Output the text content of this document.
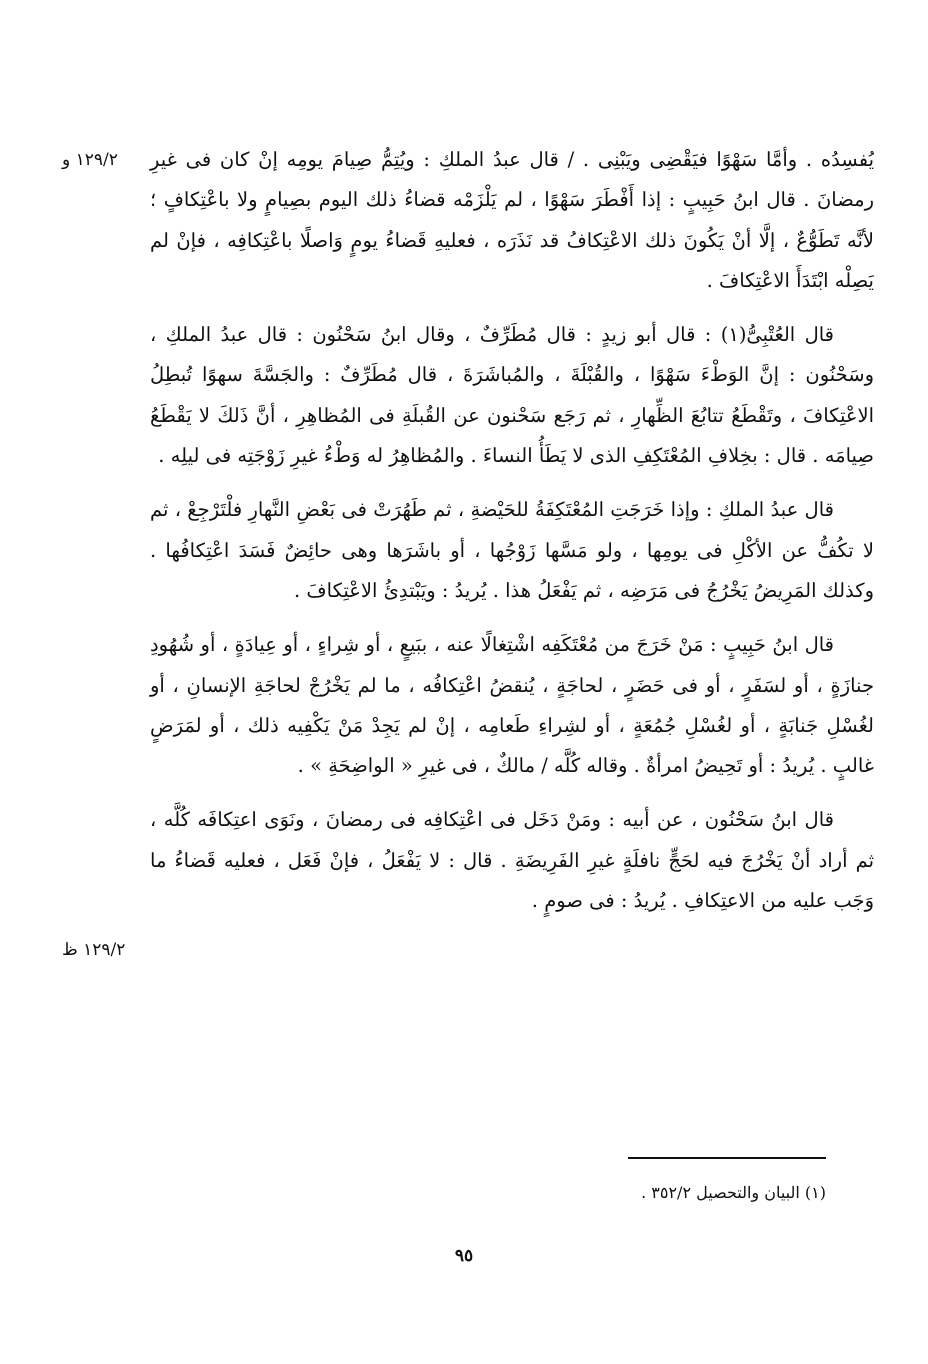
١٢٩/٢ و
١٢٩/٢ ظ

يُفسِدُه . وأمَّا سَهْوًا فيَقْضِى ويَبْنِى . / قال عبدُ الملكِ : ويُتِمُّ صِيامَ يومِه إنْ كان فى غيرِ رمضانَ . قال ابنُ حَبِيبٍ : إذا أَفْطَرَ سَهْوًا ، لم يَلْزَمْه قضاءُ ذلك اليوم بصِيامٍ ولا باعْتِكافٍ ؛ لأنَّه تَطَوُّعٌ ، إلَّا أنْ يَكُونَ ذلك الاعْتِكافُ قد نَذَرَه ، فعليهِ قَضاءُ يومٍ وَاصلًا باعْتِكافِه ، فإنْ لم يَصِلْه ابْتَدَأَ الاعْتِكافَ .

قال العُتْبِىُّ(١) : قال أبو زيدٍ : قال مُطَرِّفٌ ، وقال ابنُ سَحْنُون : قال عبدُ الملكِ ، وسَحْنُون : إنَّ الوَطْءَ سَهْوًا ، والقُبْلَةَ ، والمُباشَرَةَ ، قال مُطَرِّفٌ : والجَسَّةَ سهوًا تُبطِلُ الاعْتِكافَ ، وتَقْطَعُ تتابُعَ الظِّهارِ ، ثم رَجَع سَحْنون عن القُبلَةِ فى المُظاهِرِ ، أنَّ ذَلكَ لا يَقْطَعُ صِيامَه . قال : بخِلافِ المُعْتَكِفِ الذى لا يَطَأُ النساءَ . والمُظاهِرُ له وَطْءُ غيرِ زَوْجَتِه فى ليلِه .

قال عبدُ الملكِ : وإذا خَرَجَتِ المُعْتَكِفَةُ للحَيْضةِ ، ثم طَهُرَتْ فى بَعْضِ النَّهارِ فلْتَرْجِعْ ، ثم لا تكُفُّ عن الأكْلِ فى يومِها ، ولو مَسَّها زَوْجُها ، أو باشَرَها وهى حائِضٌ فَسَدَ اعْتِكافُها . وكذلك المَرِيضُ يَخْرُجُ فى مَرَضِه ، ثم يَفْعَلُ هذا . يُريدُ : ويَبْتدِئُ الاعْتِكافَ .

قال ابنُ حَبِيبٍ : مَنْ خَرَجَ من مُعْتَكَفِه اشْتِغالًا عنه ، ببَيعٍ ، أو شِراءٍ ، أو عِيادَةٍ ، أو شُهُودِ جنازَةٍ ، أو لسَفَرٍ ، أو فى حَضَرٍ ، لحاجَةٍ ، يُنقضُ اعْتِكافُه ، ما لم يَخْرُجْ لحاجَةِ الإنسانِ ، أو لغُسْلِ جَنابَةٍ ، أو لغُسْلِ جُمُعَةٍ ، أو لشِراءِ طَعامِه ، إنْ لم يَجِدْ مَنْ يَكْفِيه ذلك ، أو لمَرَضٍ غالبٍ . يُريدُ : أو تَحِيضُ امرأةٌ . وقاله كُلَّه / مالكٌ ، فى غيرِ « الواضِحَةِ » .

قال ابنُ سَحْنُون ، عن أبيه : ومَنْ دَخَل فى اعْتِكافِه فى رمضانَ ، ونَوَى اعتِكافَه كُلَّه ، ثم أراد أنْ يَخْرُجَ فيه لحَجٍّ نافلَةٍ غيرِ الفَرِيضَةِ . قال : لا يَفْعَلُ ، فإنْ فَعَل ، فعليه قَضاءُ ما وَجَب عليه من الاعتِكافِ . يُريدُ : فى صومٍ .

(١) البيان والتحصيل ٣٥٢/٢ .
٩٥
